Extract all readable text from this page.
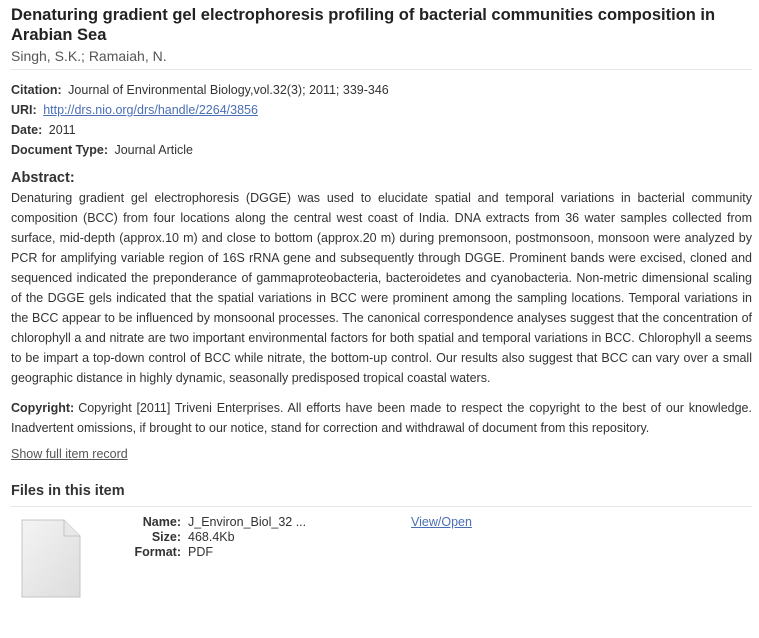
Denaturing gradient gel electrophoresis profiling of bacterial communities composition in Arabian Sea
Singh, S.K.; Ramaiah, N.
Citation: Journal of Environmental Biology,vol.32(3); 2011; 339-346
URI: http://drs.nio.org/drs/handle/2264/3856
Date: 2011
Document Type: Journal Article
Abstract:
Denaturing gradient gel electrophoresis (DGGE) was used to elucidate spatial and temporal variations in bacterial community composition (BCC) from four locations along the central west coast of India. DNA extracts from 36 water samples collected from surface, mid-depth (approx.10 m) and close to bottom (approx.20 m) during premonsoon, postmonsoon, monsoon were analyzed by PCR for amplifying variable region of 16S rRNA gene and subsequently through DGGE. Prominent bands were excised, cloned and sequenced indicated the preponderance of gammaproteobacteria, bacteroidetes and cyanobacteria. Non-metric dimensional scaling of the DGGE gels indicated that the spatial variations in BCC were prominent among the sampling locations. Temporal variations in the BCC appear to be influenced by monsoonal processes. The canonical correspondence analyses suggest that the concentration of chlorophyll a and nitrate are two important environmental factors for both spatial and temporal variations in BCC. Chlorophyll a seems to be impart a top-down control of BCC while nitrate, the bottom-up control. Our results also suggest that BCC can vary over a small geographic distance in highly dynamic, seasonally predisposed tropical coastal waters.
Copyright: Copyright [2011] Triveni Enterprises. All efforts have been made to respect the copyright to the best of our knowledge. Inadvertent omissions, if brought to our notice, stand for correction and withdrawal of document from this repository.
Show full item record
Files in this item
Name: J_Environ_Biol_32 ...
Size: 468.4Kb
Format: PDF
View/Open
